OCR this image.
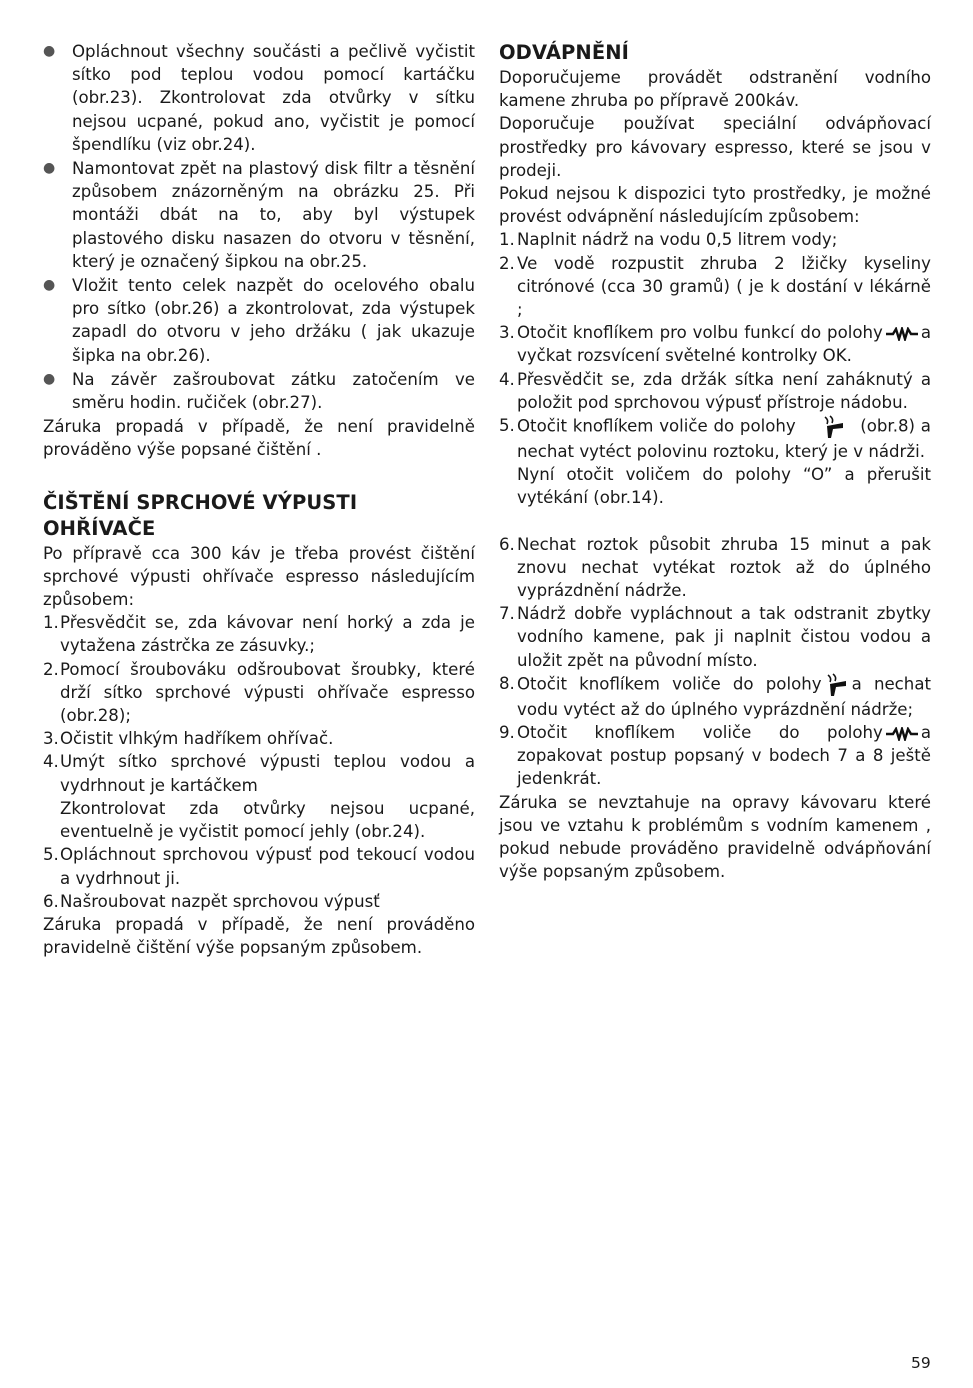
● Opláchnout všechny součásti a pečlivě vyčistit sítko pod teplou vodou pomocí kartáčku (obr.23). Zkontrolovat zda otvůrky v sítku nejsou ucpané, pokud ano, vyčistit je pomocí špendlíku (viz obr.24).
● Namontovat zpět na plastový disk filtr a těsnění způsobem znázorněným na obrázku 25. Při montáži dbát na to, aby byl výstupek plastového disku nasazen do otvoru v těsnění, který je označený šipkou na obr.25.
● Vložit tento celek nazpět do ocelového obalu pro sítko (obr.26) a zkontrolovat, zda výstupek zapadl do otvoru v jeho držáku ( jak ukazuje šipka na obr.26).
● Na závěr zašroubovat zátku zatočením ve směru hodin. ručiček (obr.27).

Záruka propadá v případě, že není pravidelně prováděno výše popsané čištění .

ČIŠTĚNÍ SPRCHOVÉ VÝPUSTI OHŘÍVAČE

Po přípravě cca 300 káv je třeba provést čištění sprchové výpusti ohřívače espresso následujícím způsobem:

1. Přesvědčit se, zda kávovar není horký a zda je vytažena zástrčka ze zásuvky.;
2. Pomocí šroubováku odšroubovat šroubky, které drží sítko sprchové výpusti ohřívače espresso (obr.28);
3. Očistit vlhkým hadříkem ohřívač.
4. Umýt sítko sprchové výpusti teplou vodou a vydrhnout je kartáčkem
Zkontrolovat zda otvůrky nejsou ucpané, eventuelně je vyčistit pomocí jehly (obr.24).
5. Opláchnout sprchovou výpusť pod tekoucí vodou a vydrhnout ji.
6. Našroubovat nazpět sprchovou výpusť

Záruka propadá v případě, že není prováděno pravidelně čištění výše popsaným způsobem.

ODVÁPNĚNÍ

Doporučujeme provádět odstranění vodního kamene zhruba po přípravě 200káv.

Doporučuje používat speciální odvápňovací prostředky pro kávovary espresso, které se jsou v prodeji.

Pokud nejsou k dispozici tyto prostředky, je možné provést odvápnění následujícím způsobem:

1. Naplnit nádrž na vodu 0,5 litrem vody;
2. Ve vodě rozpustit zhruba 2 lžičky kyseliny citrónové (cca 30 gramů) ( je k dostání v lékárně ;
3. Otočit knoflíkem pro volbu funkcí do polohy a vyčkat rozsvícení světelné kontrolky OK.
4. Přesvědčit se, zda držák sítka není zaháknutý a položit pod sprchovou výpusť přístroje nádobu.
5. Otočit knoflíkem voliče do polohy	(obr.8) a nechat vytéct polovinu roztoku, který je v nádrži.
Nyní otočit voličem do polohy “O” a přerušit vytékání (obr.14).
6. Nechat roztok působit zhruba 15 minut a pak znovu nechat vytékat roztok až do úplného vyprázdnění nádrže.
7. Nádrž dobře vypláchnout a tak odstranit zbytky vodního kamene, pak ji naplnit čistou vodou a uložit zpět na původní místo.
8. Otočit knoflíkem voliče do polohy a nechat vodu vytéct až do úplného vyprázdnění nádrže;
9. Otočit knoflíkem voliče do polohy a zopakovat postup popsaný v bodech 7 a 8 ještě jedenkrát.

Záruka se nevztahuje na opravy kávovaru které jsou ve vztahu k problémům s vodním kamenem , pokud nebude prováděno pravidelně odvápňování výše popsaným způsobem.

59
